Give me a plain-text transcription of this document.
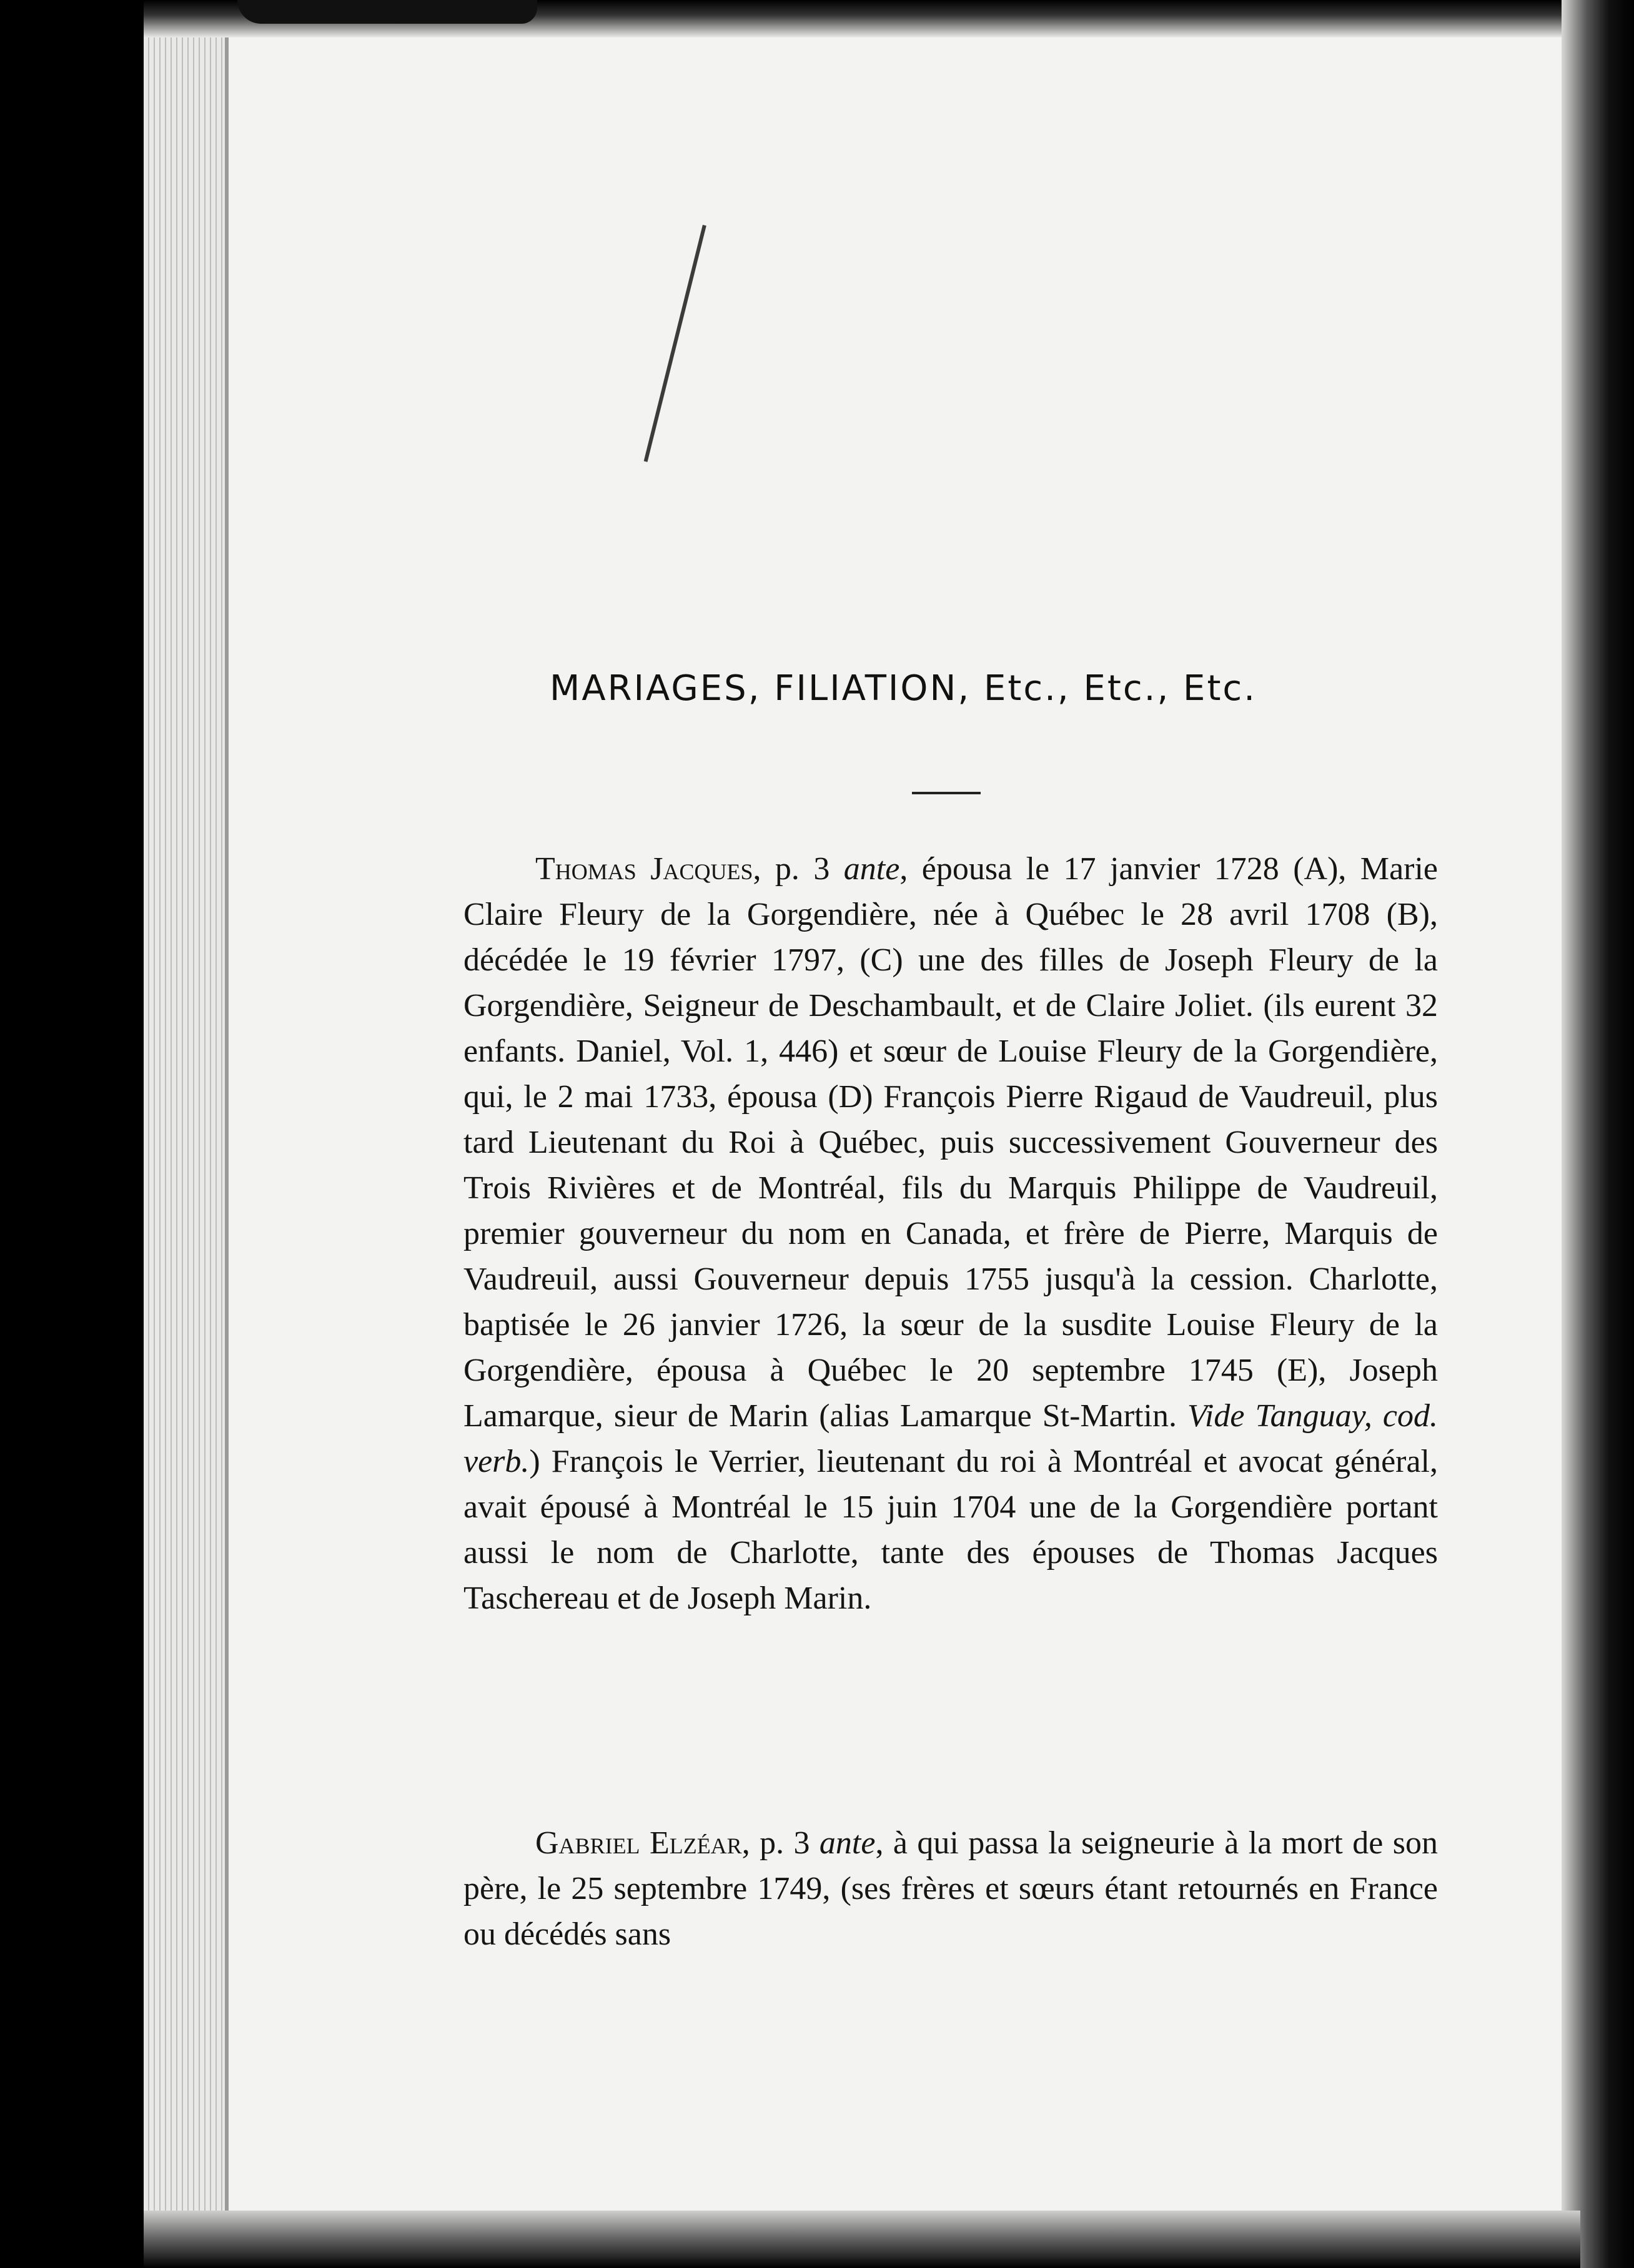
MARIAGES, FILIATION, Etc., Etc., Etc.

Thomas Jacques, p. 3 ante, épousa le 17 janvier 1728 (A), Marie Claire Fleury de la Gorgendière, née à Québec le 28 avril 1708 (B), décédée le 19 février 1797, (C) une des filles de Joseph Fleury de la Gorgendière, Seigneur de Deschambault, et de Claire Joliet. (ils eurent 32 enfants. Daniel, Vol. 1, 446) et sœur de Louise Fleury de la Gorgendière, qui, le 2 mai 1733, épousa (D) François Pierre Rigaud de Vaudreuil, plus tard Lieutenant du Roi à Québec, puis successivement Gouverneur des Trois Rivières et de Montréal, fils du Marquis Philippe de Vaudreuil, premier gouverneur du nom en Canada, et frère de Pierre, Marquis de Vaudreuil, aussi Gouverneur depuis 1755 jusqu'à la cession. Charlotte, baptisée le 26 janvier 1726, la sœur de la susdite Louise Fleury de la Gorgendière, épousa à Québec le 20 septembre 1745 (E), Joseph Lamarque, sieur de Marin (alias Lamarque St-Martin. Vide Tanguay, cod. verb.) François le Verrier, lieutenant du roi à Montréal et avocat général, avait épousé à Montréal le 15 juin 1704 une de la Gorgendière portant aussi le nom de Charlotte, tante des épouses de Thomas Jacques Taschereau et de Joseph Marin.

Gabriel Elzéar, p. 3 ante, à qui passa la seigneurie à la mort de son père, le 25 septembre 1749, (ses frères et sœurs étant retournés en France ou décédés sans
